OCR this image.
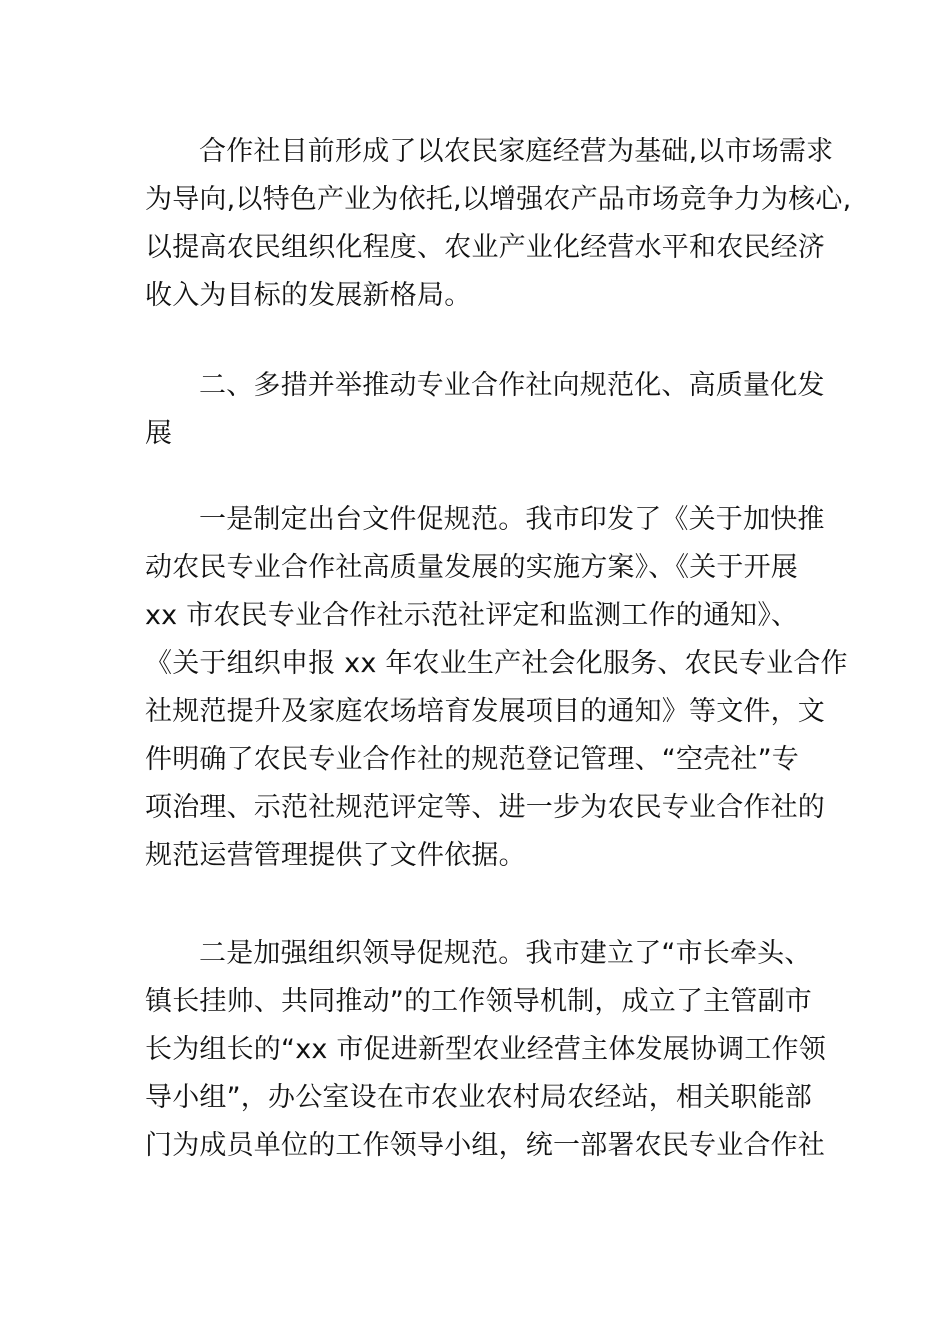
合作社目前形成了以农民家庭经营为基础,以市场需求
为导向,以特色产业为依托,以增强农产品市场竞争力为核心,
以提高农民组织化程度、农业产业化经营水平和农民经济
收入为目标的发展新格局。
二、多措并举推动专业合作社向规范化、高质量化发
展
一是制定出台文件促规范。我市印发了《关于加快推
动农民专业合作社高质量发展的实施方案》、《关于开展
xx 市农民专业合作社示范社评定和监测工作的通知》、
《关于组织申报 xx 年农业生产社会化服务、农民专业合作
社规范提升及家庭农场培育发展项目的通知》等文件，文
件明确了农民专业合作社的规范登记管理、“空壳社”专
项治理、示范社规范评定等、进一步为农民专业合作社的
规范运营管理提供了文件依据。
二是加强组织领导促规范。我市建立了“市长牵头、
镇长挂帅、共同推动”的工作领导机制，成立了主管副市
长为组长的“xx 市促进新型农业经营主体发展协调工作领
导小组”，办公室设在市农业农村局农经站，相关职能部
门为成员单位的工作领导小组，统一部署农民专业合作社
